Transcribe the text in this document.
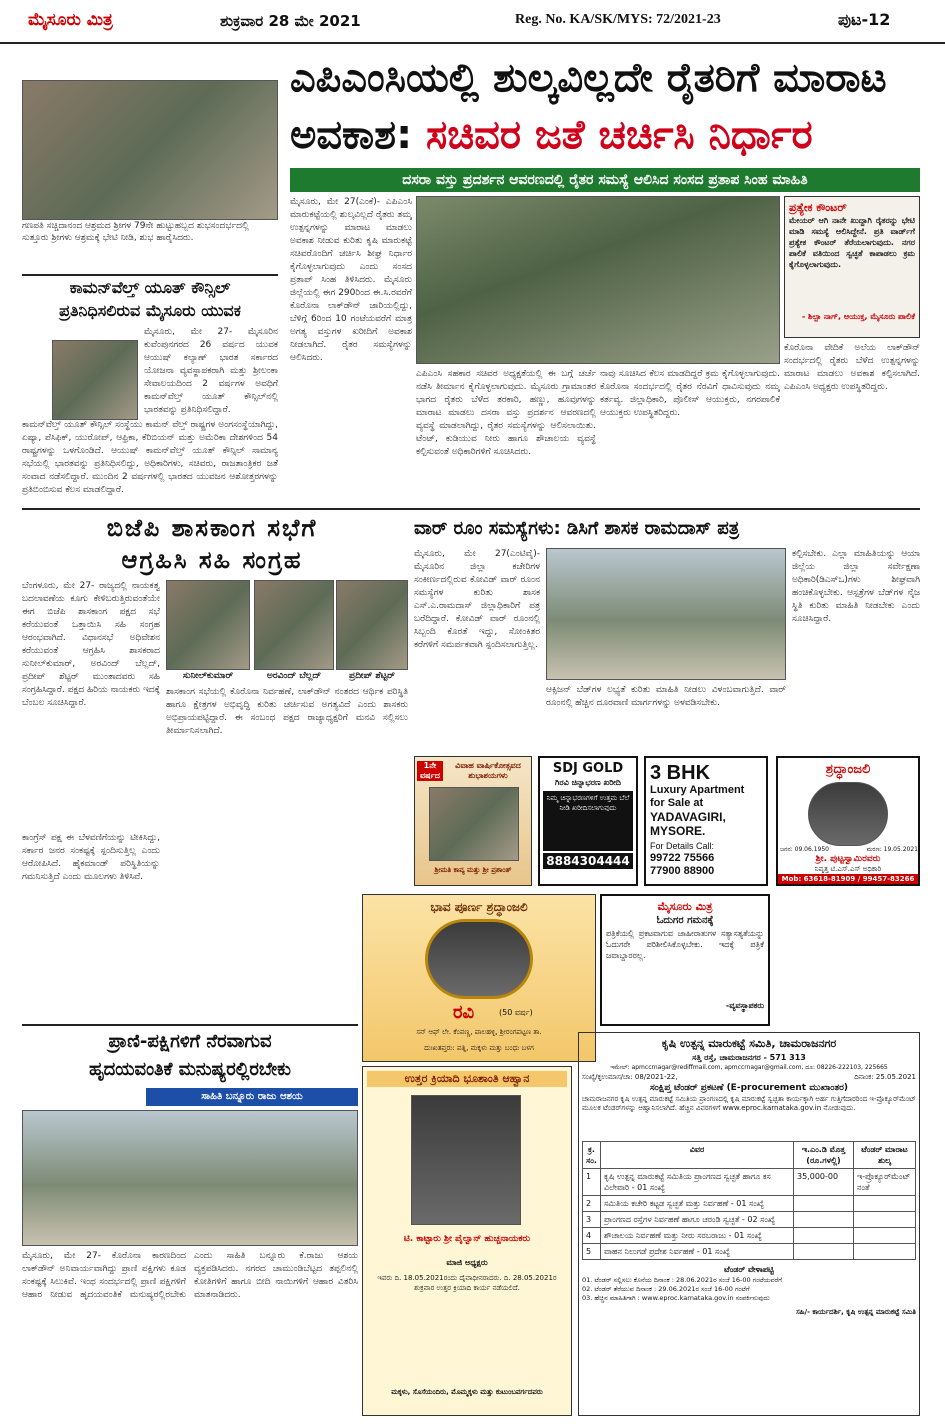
ಮೈಸೂರು ಮಿತ್ರ	ಶುಕ್ರವಾರ 28 ಮೇ 2021	Reg. No. KA/SK/MYS: 72/2021-23	ಪುಟ-12
ಗಣಪತಿ ಸಚ್ಚಿದಾನಂದ ಆಶ್ರಮದ ಶ್ರೀಗಳ 79ನೇ ಹುಟ್ಟುಹಬ್ಬದ ಶುಭಸಂದರ್ಭದಲ್ಲಿ ಸುತ್ತೂರು ಶ್ರೀಗಳು ಆಶ್ರಮಕ್ಕೆ ಭೇಟಿ ನೀಡಿ, ಶುಭ ಹಾರೈಸಿದರು.
ಕಾಮನ್‌ವೆಲ್ತ್ ಯೂತ್ ಕೌನ್ಸಿಲ್
ಪ್ರತಿನಿಧಿಸಲಿರುವ ಮೈಸೂರು ಯುವಕ

ಮೈಸೂರು, ಮೇ 27- ಮೈಸೂರಿನ ಕುವೆಂಪುನಗರದ 26 ವರ್ಷದ ಯುವಕ ಆಯುಷ್ ಕಲ್ಯಾಣ್ ಭಾರತ ಸರ್ಕಾರದ ಯೋಜನಾ ವ್ಯವಸ್ಥಾಪಕರಾಗಿ ಮತ್ತು ಶ್ರೀಲಂಕಾ ಸೇವಾಲಯದಿಂದ 2 ವರ್ಷಗಳ ಅವಧಿಗೆ ಕಾಮನ್‌ವೆಲ್ತ್ ಯೂತ್ ಕೌನ್ಸಿಲ್‌ನಲ್ಲಿ ಭಾರತವನ್ನು ಪ್ರತಿನಿಧಿಸಲಿದ್ದಾರೆ.

ಕಾಮನ್‌ವೆಲ್ತ್ ಯೂತ್ ಕೌನ್ಸಿಲ್ ಸಂಸ್ಥೆಯು ಕಾಮನ್ ವೆಲ್ತ್ ರಾಷ್ಟ್ರಗಳ ಅಂಗಸಂಸ್ಥೆಯಾಗಿದ್ದು, ಏಷ್ಯಾ, ಪೆಸಿಫಿಕ್, ಯುರೋಪ್, ಆಫ್ರಿಕಾ, ಕೆರಿಬಿಯನ್ ಮತ್ತು ಅಮೆರಿಕಾ ದೇಶಗಳಿಂದ 54 ರಾಷ್ಟ್ರಗಳನ್ನು ಒಳಗೊಂಡಿದೆ. ಆಯುಷ್ ಕಾಮನ್‌ವೆಲ್ತ್ ಯೂತ್ ಕೌನ್ಸಿಲ್ ಸಾಮಾನ್ಯ ಸಭೆಯಲ್ಲಿ ಭಾರತವನ್ನು ಪ್ರತಿನಿಧಿಸಲಿದ್ದು, ಅಧಿಕಾರಿಗಳು, ಸಚಿವರು, ರಾಜತಾಂತ್ರಿಕರ ಜತೆ ಸಂವಾದ ನಡೆಸಲಿದ್ದಾರೆ. ಮುಂದಿನ 2 ವರ್ಷಗಳಲ್ಲಿ ಭಾರತದ ಯುವಜನ ಆಶೋತ್ತರಗಳನ್ನು ಪ್ರತಿಬಿಂಬಿಸುವ ಕೆಲಸ ಮಾಡಲಿದ್ದಾರೆ.

ಎಪಿಎಂಸಿಯಲ್ಲಿ ಶುಲ್ಕವಿಲ್ಲದೇ ರೈತರಿಗೆ ಮಾರಾಟ
ಅವಕಾಶ: ಸಚಿವರ ಜತೆ ಚರ್ಚಿಸಿ ನಿರ್ಧಾರ
ದಸರಾ ವಸ್ತು ಪ್ರದರ್ಶನ ಆವರಣದಲ್ಲಿ ರೈತರ ಸಮಸ್ಯೆ ಆಲಿಸಿದ ಸಂಸದ ಪ್ರತಾಪ ಸಿಂಹ ಮಾಹಿತಿ
ಮೈಸೂರು, ಮೇ 27(ಎಂಕೆ)- ಎಪಿಎಂಸಿ ಮಾರುಕಟ್ಟೆಯಲ್ಲಿ ಶುಲ್ಕವಿಲ್ಲದೆ ರೈತರು ತಮ್ಮ ಉತ್ಪನ್ನಗಳನ್ನು ಮಾರಾಟ ಮಾಡಲು ಅವಕಾಶ ನೀಡುವ ಕುರಿತು ಕೃಷಿ ಮಾರುಕಟ್ಟೆ ಸಚಿವರೊಂದಿಗೆ ಚರ್ಚಿಸಿ ಶೀಘ್ರ ನಿರ್ಧಾರ ಕೈಗೊಳ್ಳಲಾಗುವುದು ಎಂದು ಸಂಸದ ಪ್ರತಾಪ್ ಸಿಂಹ ತಿಳಿಸಿದರು. ಮೈಸೂರು ಜಿಲ್ಲೆಯಲ್ಲಿ ಈಗ 290ರಿಂದ ಈ.ಸಿ.ರವರೆಗೆ ಕೊರೊನಾ ಲಾಕ್‌ಡೌನ್ ಜಾರಿಯಲ್ಲಿದ್ದು, ಬೆಳಿಗ್ಗೆ 6ರಿಂದ 10 ಗಂಟೆಯವರೆಗೆ ಮಾತ್ರ ಅಗತ್ಯ ವಸ್ತುಗಳ ಖರೀದಿಗೆ ಅವಕಾಶ ನೀಡಲಾಗಿದೆ. ರೈತರ ಸಮಸ್ಯೆಗಳನ್ನು ಆಲಿಸಿದರು.
ಪ್ರತ್ಯೇಕ ಕೌಂಟರ್
ಮೇಯರ್ ಆಗಿ ನಾನೇ ಖುದ್ದಾಗಿ ರೈತರನ್ನು ಭೇಟಿ ಮಾಡಿ ಸಮಸ್ಯೆ ಆಲಿಸಿದ್ದೇನೆ. ಪ್ರತಿ ವಾರ್ಡ್‌ಗೆ ಪ್ರತ್ಯೇಕ ಕೌಂಟರ್ ತೆರೆಯಲಾಗುವುದು. ನಗರ ಪಾಲಿಕೆ ವತಿಯಿಂದ ಸ್ವಚ್ಛತೆ ಕಾಪಾಡಲು ಕ್ರಮ ಕೈಗೊಳ್ಳಲಾಗುವುದು.
- ಶಿಲ್ಪಾ ನಾಗ್, ಆಯುಕ್ತ, ಮೈಸೂರು ಪಾಲಿಕೆ
ಕೊರೊನಾ ವೇದಿಕೆ ಅಲೆಯ ಲಾಕ್‌ಡೌನ್ ಸಂದರ್ಭದಲ್ಲಿ ರೈತರು ಬೆಳೆದ ಉತ್ಪನ್ನಗಳನ್ನು ಮಾರಾಟ ಮಾಡಲು ಅವಕಾಶ ಕಲ್ಪಿಸಲಾಗಿದೆ. ಎಪಿಎಂಸಿ ಅಧ್ಯಕ್ಷರು ಉಪಸ್ಥಿತರಿದ್ದರು.
ಎಪಿಎಂಸಿ ಸಹಕಾರ ಸಚಿವರ ಅಧ್ಯಕ್ಷತೆಯಲ್ಲಿ ಈ ಬಗ್ಗೆ ಚರ್ಚೆ ನಡೆಸಿ ತೀರ್ಮಾನ ಕೈಗೊಳ್ಳಲಾಗುವುದು. ಮೈಸೂರು ಗ್ರಾಮಾಂತರ ಭಾಗದ ರೈತರು ಬೆಳೆದ ತರಕಾರಿ, ಹಣ್ಣು, ಹೂವುಗಳನ್ನು ಮಾರಾಟ ಮಾಡಲು ದಸರಾ ವಸ್ತು ಪ್ರದರ್ಶನ ಆವರಣದಲ್ಲಿ ವ್ಯವಸ್ಥೆ ಮಾಡಲಾಗಿದ್ದು, ರೈತರ ಸಮಸ್ಯೆಗಳನ್ನು ಆಲಿಸಲಾಯಿತು. ಟೆಂಟ್, ಕುಡಿಯುವ ನೀರು ಹಾಗೂ ಶೌಚಾಲಯ ವ್ಯವಸ್ಥೆ ಕಲ್ಪಿಸುವಂತೆ ಅಧಿಕಾರಿಗಳಿಗೆ ಸೂಚಿಸಿದರು.
ನಾವು ಸೂಚಿಸಿದ ಕೆಲಸ ಮಾಡದಿದ್ದರೆ ಕ್ರಮ ಕೈಗೊಳ್ಳಲಾಗುವುದು. ಕೊರೊನಾ ಸಂದರ್ಭದಲ್ಲಿ ರೈತರ ನೆರವಿಗೆ ಧಾವಿಸುವುದು ನಮ್ಮ ಕರ್ತವ್ಯ. ಜಿಲ್ಲಾಧಿಕಾರಿ, ಪೊಲೀಸ್ ಆಯುಕ್ತರು, ನಗರಪಾಲಿಕೆ ಆಯುಕ್ತರು ಉಪಸ್ಥಿತರಿದ್ದರು.
ಬಿಜೆಪಿ ಶಾಸಕಾಂಗ ಸಭೆಗೆ
ಆಗ್ರಹಿಸಿ ಸಹಿ ಸಂಗ್ರಹ
ಸುನೀಲ್‌ಕುಮಾರ್	ಅರವಿಂದ್ ಬೆಲ್ಲದ್	ಪ್ರದೀಪ್ ಶೆಟ್ಟರ್
ಬೆಂಗಳೂರು, ಮೇ 27- ರಾಜ್ಯದಲ್ಲಿ ನಾಯಕತ್ವ ಬದಲಾವಣೆಯ ಕೂಗು ಕೇಳಿಬರುತ್ತಿರುವಂತೆಯೇ ಈಗ ಬಿಜೆಪಿ ಶಾಸಕಾಂಗ ಪಕ್ಷದ ಸಭೆ ಕರೆಯುವಂತೆ ಒತ್ತಾಯಿಸಿ ಸಹಿ ಸಂಗ್ರಹ ಆರಂಭವಾಗಿದೆ. ವಿಧಾನಸಭೆ ಅಧಿವೇಶನ ಕರೆಯುವಂತೆ ಆಗ್ರಹಿಸಿ ಶಾಸಕರಾದ ಸುನೀಲ್‌ಕುಮಾರ್, ಅರವಿಂದ್ ಬೆಲ್ಲದ್, ಪ್ರದೀಪ್ ಶೆಟ್ಟರ್ ಮುಂತಾದವರು ಸಹಿ ಸಂಗ್ರಹಿಸಿದ್ದಾರೆ. ಪಕ್ಷದ ಹಿರಿಯ ನಾಯಕರು ಇದಕ್ಕೆ ಬೆಂಬಲ ಸೂಚಿಸಿದ್ದಾರೆ.
ಕಾಂಗ್ರೆಸ್ ಪಕ್ಷ ಈ ಬೆಳವಣಿಗೆಯನ್ನು ಟೀಕಿಸಿದ್ದು, ಸರ್ಕಾರ ಜನರ ಸಂಕಷ್ಟಕ್ಕೆ ಸ್ಪಂದಿಸುತ್ತಿಲ್ಲ ಎಂದು ಆರೋಪಿಸಿದೆ. ಹೈಕಮಾಂಡ್ ಪರಿಸ್ಥಿತಿಯನ್ನು ಗಮನಿಸುತ್ತಿದೆ ಎಂದು ಮೂಲಗಳು ತಿಳಿಸಿವೆ.
ಶಾಸಕಾಂಗ ಸಭೆಯಲ್ಲಿ ಕೊರೊನಾ ನಿರ್ವಹಣೆ, ಲಾಕ್‌ಡೌನ್ ನಂತರದ ಆರ್ಥಿಕ ಪರಿಸ್ಥಿತಿ ಹಾಗೂ ಕ್ಷೇತ್ರಗಳ ಅಭಿವೃದ್ಧಿ ಕುರಿತು ಚರ್ಚಿಸುವ ಅಗತ್ಯವಿದೆ ಎಂದು ಶಾಸಕರು ಅಭಿಪ್ರಾಯಪಟ್ಟಿದ್ದಾರೆ. ಈ ಸಂಬಂಧ ಪಕ್ಷದ ರಾಜ್ಯಾಧ್ಯಕ್ಷರಿಗೆ ಮನವಿ ಸಲ್ಲಿಸಲು ತೀರ್ಮಾನಿಸಲಾಗಿದೆ.
ವಾರ್ ರೂಂ ಸಮಸ್ಯೆಗಳು: ಡಿಸಿಗೆ ಶಾಸಕ ರಾಮದಾಸ್ ಪತ್ರ
ಮೈಸೂರು, ಮೇ 27(ಎಂಟಿವೈ)- ಮೈಸೂರಿನ ಜಿಲ್ಲಾ ಕಚೇರಿಗಳ ಸಂಕೀರ್ಣದಲ್ಲಿರುವ ಕೋವಿಡ್ ವಾರ್ ರೂಂನ ಸಮಸ್ಯೆಗಳ ಕುರಿತು ಶಾಸಕ ಎಸ್.ಎ.ರಾಮದಾಸ್ ಜಿಲ್ಲಾಧಿಕಾರಿಗೆ ಪತ್ರ ಬರೆದಿದ್ದಾರೆ. ಕೋವಿಡ್ ವಾರ್ ರೂಂನಲ್ಲಿ ಸಿಬ್ಬಂದಿ ಕೊರತೆ ಇದ್ದು, ಸೋಂಕಿತರ ಕರೆಗಳಿಗೆ ಸಮರ್ಪಕವಾಗಿ ಸ್ಪಂದಿಸಲಾಗುತ್ತಿಲ್ಲ.
ಆಕ್ಸಿಜನ್ ಬೆಡ್‌ಗಳ ಲಭ್ಯತೆ ಕುರಿತು ಮಾಹಿತಿ ನೀಡಲು ವಿಳಂಬವಾಗುತ್ತಿದೆ. ವಾರ್ ರೂಂನಲ್ಲಿ ಹೆಚ್ಚಿನ ದೂರವಾಣಿ ಮಾರ್ಗಗಳನ್ನು ಅಳವಡಿಸಬೇಕು.
ಕಲ್ಪಿಸಬೇಕು. ಎಲ್ಲಾ ಮಾಹಿತಿಯನ್ನು ಆಯಾ ಜಿಲ್ಲೆಯ ಜಿಲ್ಲಾ ಸರ್ವೇಕ್ಷಣಾ ಅಧಿಕಾರಿ(ಡಿಎಸ್‌ಒ)ಗಳು ಶೀಘ್ರವಾಗಿ ಹಂಚಿಕೊಳ್ಳಬೇಕು. ಆಸ್ಪತ್ರೆಗಳ ಬೆಡ್‌ಗಳ ನೈಜ ಸ್ಥಿತಿ ಕುರಿತು ಮಾಹಿತಿ ನೀಡಬೇಕು ಎಂದು ಸೂಚಿಸಿದ್ದಾರೆ.
1ನೇ ವರ್ಷದ
ವಿವಾಹ ವಾರ್ಷಿಕೋತ್ಸವದ ಶುಭಾಶಯಗಳು
ಶ್ರೀಮತಿ ಕಾವ್ಯ ಮತ್ತು ಶ್ರೀ ಪ್ರಶಾಂತ್
SDJ GOLD
ಗಿರವಿ ಚಿನ್ನಾಭರಣ ಖರೀದಿ
ನಿಮ್ಮ ಚಿನ್ನಾಭರಣಗಳಿಗೆ ಉತ್ತಮ ಬೆಲೆ ನೀಡಿ ಖರೀದಿಸಲಾಗುವುದು
8884304444
3 BHK
Luxury Apartment
for Sale at
YADAVAGIRI,
MYSORE.
For Details Call:
99722 75566
77900 88900
ಶ್ರದ್ಧಾಂಜಲಿ
ಜನನ: 09.06.1950	ಮರಣ: 19.05.2021
ಶ್ರೀ. ಪುಟ್ಟಸ್ವಾಮಿರವರು
ನಿವೃತ್ತ ಟಿ.ಎಸ್.ಎಸ್ ಅಧಿಕಾರಿ
Mob: 63618-81909 / 99457-83266
ಭಾವ ಪೂರ್ಣ ಶ್ರದ್ಧಾಂಜಲಿ
ರವಿ	(50 ವರ್ಷ)
ಸನ್ ಆಫ್ ಲೇ. ಕೆಂಪಣ್ಣ, ಪಾಲಹಳ್ಳಿ, ಶ್ರೀರಂಗಪಟ್ಟಣ ತಾ.
ದುಃಖತಪ್ತರು: ಪತ್ನಿ, ಮಕ್ಕಳು ಮತ್ತು ಬಂಧು ಬಳಗ
ಮೈಸೂರು ಮಿತ್ರ
ಓದುಗರ ಗಮನಕ್ಕೆ
ಪತ್ರಿಕೆಯಲ್ಲಿ ಪ್ರಕಟವಾಗುವ ಜಾಹೀರಾತುಗಳ ಸತ್ಯಾಸತ್ಯತೆಯನ್ನು ಓದುಗರೇ ಪರಿಶೀಲಿಸಿಕೊಳ್ಳಬೇಕು. ಇದಕ್ಕೆ ಪತ್ರಿಕೆ ಜವಾಬ್ದಾರರಲ್ಲ.
-ವ್ಯವಸ್ಥಾಪಕರು
ಕೃಷಿ ಉತ್ಪನ್ನ ಮಾರುಕಟ್ಟೆ ಸಮಿತಿ, ಚಾಮರಾಜನಗರ
ಸತ್ತಿ ರಸ್ತೆ, ಚಾಮರಾಜನಗರ - 571 313
ಇಮೇಲ್: apmccrnagar@rediffmail.com, apmccrnagar@gmail.com, ದೂ: 08226-222103, 225665
ಸಂಖ್ಯೆ/ಕೃಉಮಾಸ/ಚಾ: 08/2021-22,	ದಿನಾಂಕ: 25.05.2021
ಸಂಕ್ಷಿಪ್ತ ಟೆಂಡರ್ ಪ್ರಕಟಣೆ (E-procurement ಮುಖಾಂತರ)
ಚಾಮರಾಜನಗರ ಕೃಷಿ ಉತ್ಪನ್ನ ಮಾರುಕಟ್ಟೆ ಸಮಿತಿಯ ಪ್ರಾಂಗಣದಲ್ಲಿ ಕೃಷಿ ಮಾರುಕಟ್ಟೆ ಸ್ವಚ್ಛತಾ ಕಾರ್ಯಕ್ಕಾಗಿ ಅರ್ಹ ಗುತ್ತಿಗೆದಾರರಿಂದ ಇ-ಪ್ರೊಕ್ಯೂರ್‌ಮೆಂಟ್ ಮೂಲಕ ಟೆಂಡರ್‌ಗಳನ್ನು ಆಹ್ವಾನಿಸಲಾಗಿದೆ. ಹೆಚ್ಚಿನ ವಿವರಗಳಿಗೆ www.eproc.karnataka.gov.in ನೋಡುವುದು.
ಕ್ರ. ಸಂ.	ವಿವರ	ಇ.ಎಂ.ಡಿ ಮೊತ್ತ (ರೂ.ಗಳಲ್ಲಿ)	ಟೆಂಡರ್ ಮಾರಾಟ ಶುಲ್ಕ
1	ಕೃಷಿ ಉತ್ಪನ್ನ ಮಾರುಕಟ್ಟೆ ಸಮಿತಿಯ ಪ್ರಾಂಗಣದ ಸ್ವಚ್ಛತೆ ಹಾಗೂ ಕಸ ವಿಲೇವಾರಿ - 01 ಸಂಖ್ಯೆ	35,000-00	ಇ-ಪ್ರೊಕ್ಯೂರ್‌ಮೆಂಟ್ ನಂತೆ
2	ಸಮಿತಿಯ ಕಚೇರಿ ಕಟ್ಟಡ ಸ್ವಚ್ಛತೆ ಮತ್ತು ನಿರ್ವಹಣೆ - 01 ಸಂಖ್ಯೆ		
3	ಪ್ರಾಂಗಣದ ರಸ್ತೆಗಳ ನಿರ್ವಹಣೆ ಹಾಗೂ ಚರಂಡಿ ಸ್ವಚ್ಛತೆ - 02 ಸಂಖ್ಯೆ		
4	ಶೌಚಾಲಯ ನಿರ್ವಹಣೆ ಮತ್ತು ನೀರು ಸರಬರಾಜು - 01 ಸಂಖ್ಯೆ		
5	ವಾಹನ ನಿಲುಗಡೆ ಪ್ರದೇಶ ನಿರ್ವಹಣೆ - 01 ಸಂಖ್ಯೆ		
ಟೆಂಡರ್ ವೇಳಾಪಟ್ಟಿ
01. ಟೆಂಡರ್ ಸಲ್ಲಿಸಲು ಕೊನೆಯ ದಿನಾಂಕ : 28.06.2021ರ ಸಂಜೆ 16-00 ಗಂಟೆಯವರೆಗೆ
02. ಟೆಂಡರ್ ತೆರೆಯುವ ದಿನಾಂಕ : 29.06.2021ರ ಸಂಜೆ 16-00 ಗಂಟೆಗೆ
03. ಹೆಚ್ಚಿನ ಮಾಹಿತಿಗಾಗಿ : www.eproc.karnataka.gov.in ಸಂಪರ್ಕಿಸುವುದು
ಸಹಿ/- ಕಾರ್ಯದರ್ಶಿ, ಕೃಷಿ ಉತ್ಪನ್ನ ಮಾರುಕಟ್ಟೆ ಸಮಿತಿ
ಪ್ರಾಣಿ-ಪಕ್ಷಿಗಳಿಗೆ ನೆರವಾಗುವ
ಹೃದಯವಂತಿಕೆ ಮನುಷ್ಯರಲ್ಲಿರಬೇಕು
ಸಾಹಿತಿ ಬನ್ನೂರು ರಾಜು ಆಶಯ
ಮೈಸೂರು, ಮೇ 27- ಕೊರೊನಾ ಕಾರಣದಿಂದ ಲಾಕ್‌ಡೌನ್ ಅನಿವಾರ್ಯವಾಗಿದ್ದು ಪ್ರಾಣಿ ಪಕ್ಷಿಗಳು ಕೂಡ ಸಂಕಷ್ಟಕ್ಕೆ ಸಿಲುಕಿವೆ. ಇಂಥ ಸಂದರ್ಭದಲ್ಲಿ ಪ್ರಾಣಿ ಪಕ್ಷಿಗಳಿಗೆ ಆಹಾರ ನೀಡುವ ಹೃದಯವಂತಿಕೆ ಮನುಷ್ಯರಲ್ಲಿರಬೇಕು ಎಂದು ಸಾಹಿತಿ ಬನ್ನೂರು ಕೆ.ರಾಜು ಆಶಯ ವ್ಯಕ್ತಪಡಿಸಿದರು. ನಗರದ ಚಾಮುಂಡಿಬೆಟ್ಟದ ತಪ್ಪಲಿನಲ್ಲಿ ಕೋತಿಗಳಿಗೆ ಹಾಗೂ ಬೀದಿ ನಾಯಿಗಳಿಗೆ ಆಹಾರ ವಿತರಿಸಿ ಮಾತನಾಡಿದರು.
ಉತ್ತರ ಕ್ರಿಯಾದಿ ಭೂಶಾಂತಿ ಆಹ್ವಾನ
ಟಿ. ಕಾಟ್ಟಾರು ಶ್ರೀ ಪೈಲ್ವಾನ್ ಹುಚ್ಚನಾಯಕರು
ಮಾಜಿ ಅಧ್ಯಕ್ಷರು
ಇವರು ದಿ. 18.05.2021ರಂದು ದೈವಾಧೀನರಾದರು. ದಿ. 28.05.2021ರ ಶುಕ್ರವಾರ ಉತ್ತರ ಕ್ರಿಯಾದಿ ಕಾರ್ಯ ನಡೆಯಲಿದೆ.
ಮಕ್ಕಳು, ಸೊಸೆಯಂದಿರು, ಮೊಮ್ಮಕ್ಕಳು ಮತ್ತು ಕುಟುಂಬವರ್ಗದವರು
